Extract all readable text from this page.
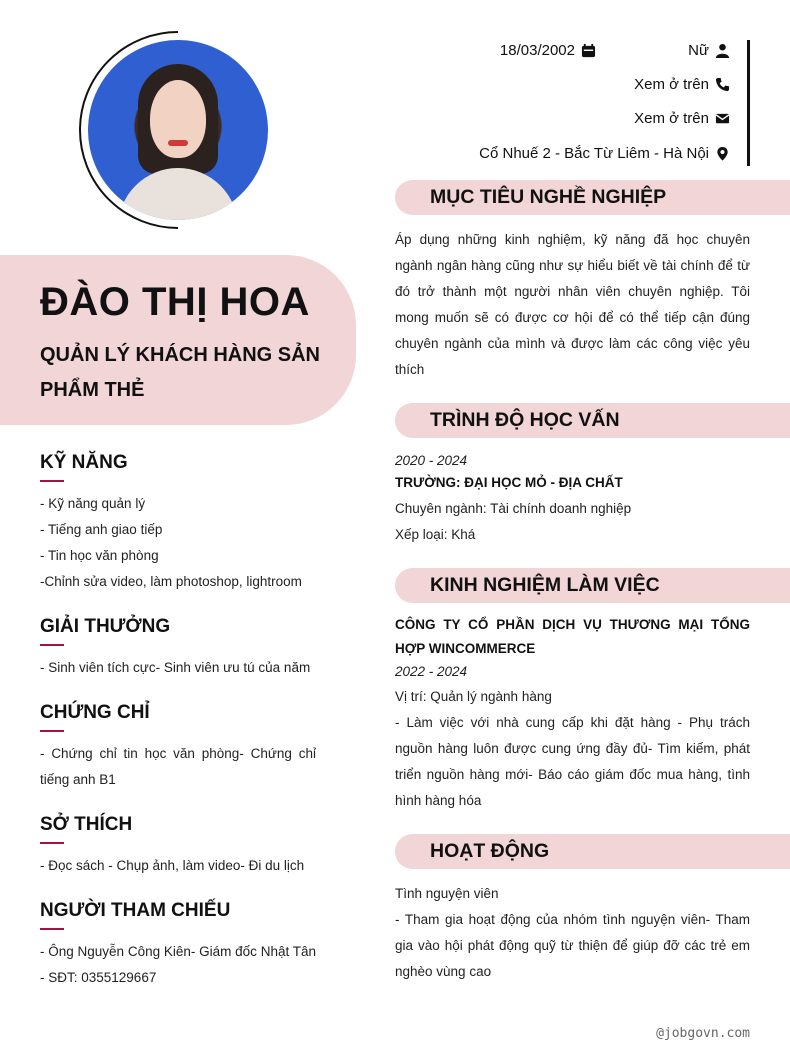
ĐÀO THỊ HOA
QUẢN LÝ KHÁCH HÀNG SẢN PHẨM THẺ
KỸ NĂNG
- Kỹ năng quản lý
- Tiếng anh giao tiếp
- Tin học văn phòng
-Chỉnh sửa video, làm photoshop, lightroom
GIẢI THƯỞNG
- Sinh viên tích cực- Sinh viên ưu tú của năm
CHỨNG CHỈ
- Chứng chỉ tin học văn phòng- Chứng chỉ tiếng anh B1
SỞ THÍCH
- Đọc sách - Chụp ảnh, làm video- Đi du lịch
NGƯỜI THAM CHIẾU
- Ông Nguyễn Công Kiên- Giám đốc Nhật Tân - SĐT: 0355129667
18/03/2002	Nữ
Xem ở trên
Xem ở trên
Cổ Nhuế 2 - Bắc Từ Liêm - Hà Nội
MỤC TIÊU NGHỀ NGHIỆP
Áp dụng những kinh nghiệm, kỹ năng đã học chuyên ngành ngân hàng cũng như sự hiểu biết về tài chính để từ đó trở thành một người nhân viên chuyên nghiệp. Tôi mong muốn sẽ có được cơ hội để có thể tiếp cận đúng chuyên ngành của mình và được làm các công việc yêu thích
TRÌNH ĐỘ HỌC VẤN
2020 - 2024
TRƯỜNG: ĐẠI HỌC MỎ - ĐỊA CHẤT
Chuyên ngành: Tài chính doanh nghiệp
Xếp loại: Khá
KINH NGHIỆM LÀM VIỆC
CÔNG TY CỔ PHẦN DỊCH VỤ THƯƠNG MẠI TỔNG HỢP WINCOMMERCE
2022 - 2024
Vị trí: Quản lý ngành hàng
- Làm việc với nhà cung cấp khi đặt hàng - Phụ trách nguồn hàng luôn được cung ứng đầy đủ- Tìm kiếm, phát triển nguồn hàng mới- Báo cáo giám đốc mua hàng, tình hình hàng hóa
HOẠT ĐỘNG
Tình nguyện viên
- Tham gia hoạt động của nhóm tình nguyện viên- Tham gia vào hội phát động quỹ từ thiện để giúp đỡ các trẻ em nghèo vùng cao
@jobgovn.com
